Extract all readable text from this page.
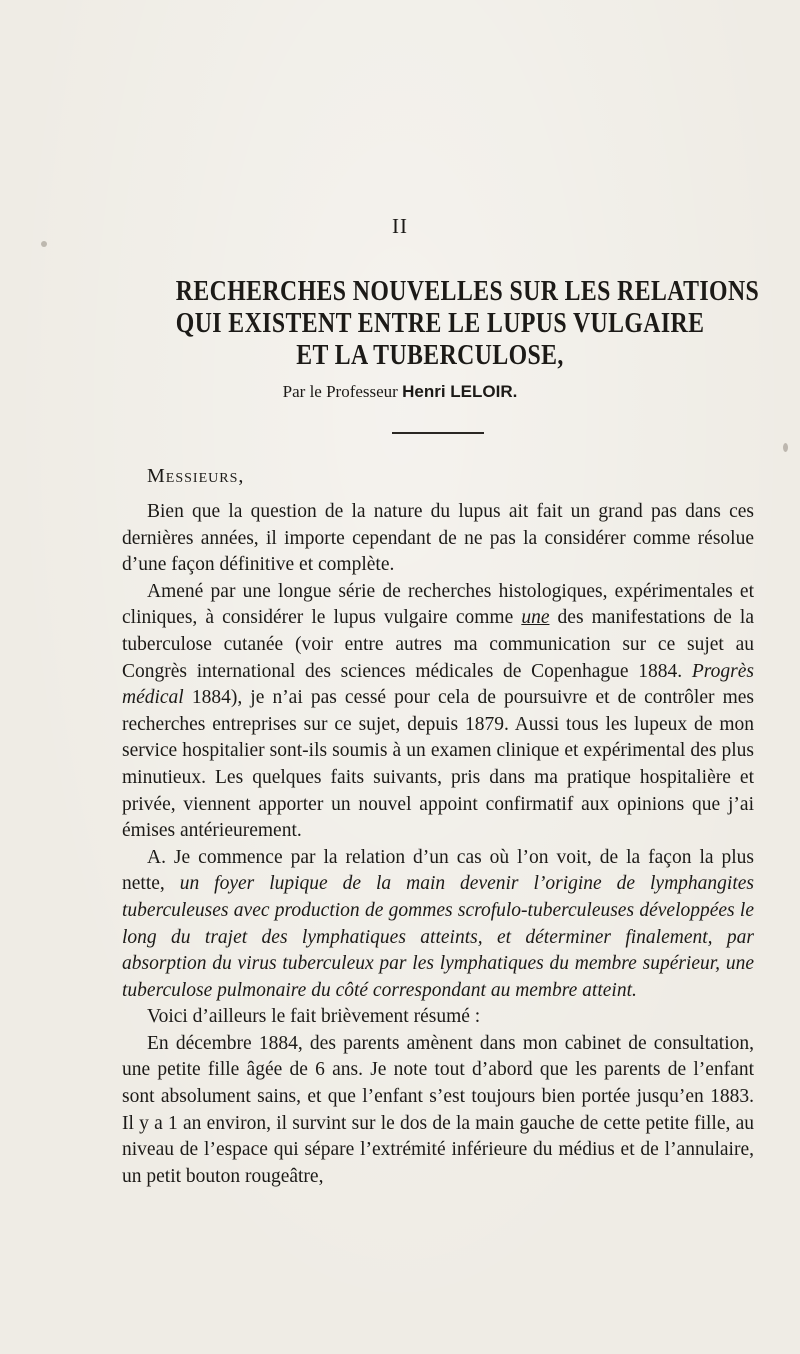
II
RECHERCHES NOUVELLES SUR LES RELATIONS
QUI EXISTENT ENTRE LE LUPUS VULGAIRE
ET LA TUBERCULOSE,
Par le Professeur Henri LELOIR.
Messieurs,

Bien que la question de la nature du lupus ait fait un grand pas dans ces dernières années, il importe cependant de ne pas la considérer comme résolue d’une façon définitive et complète.

Amené par une longue série de recherches histologiques, expérimentales et cliniques, à considérer le lupus vulgaire comme une des manifestations de la tuberculose cutanée (voir entre autres ma communication sur ce sujet au Congrès international des sciences médicales de Copenhague 1884. Progrès médical 1884), je n’ai pas cessé pour cela de poursuivre et de contrôler mes recherches entreprises sur ce sujet, depuis 1879. Aussi tous les lupeux de mon service hospitalier sont-ils soumis à un examen clinique et expérimental des plus minutieux. Les quelques faits suivants, pris dans ma pratique hospitalière et privée, viennent apporter un nouvel appoint confirmatif aux opinions que j’ai émises antérieurement.

A. Je commence par la relation d’un cas où l’on voit, de la façon la plus nette, un foyer lupique de la main devenir l’origine de lymphangites tuberculeuses avec production de gommes scrofulo-tuberculeuses développées le long du trajet des lymphatiques atteints, et déterminer finalement, par absorption du virus tuberculeux par les lymphatiques du membre supérieur, une tuberculose pulmonaire du côté correspondant au membre atteint.

Voici d’ailleurs le fait brièvement résumé :

En décembre 1884, des parents amènent dans mon cabinet de consultation, une petite fille âgée de 6 ans. Je note tout d’abord que les parents de l’enfant sont absolument sains, et que l’enfant s’est toujours bien portée jusqu’en 1883. Il y a 1 an environ, il survint sur le dos de la main gauche de cette petite fille, au niveau de l’espace qui sépare l’extrémité inférieure du médius et de l’annulaire, un petit bouton rougeâtre,
